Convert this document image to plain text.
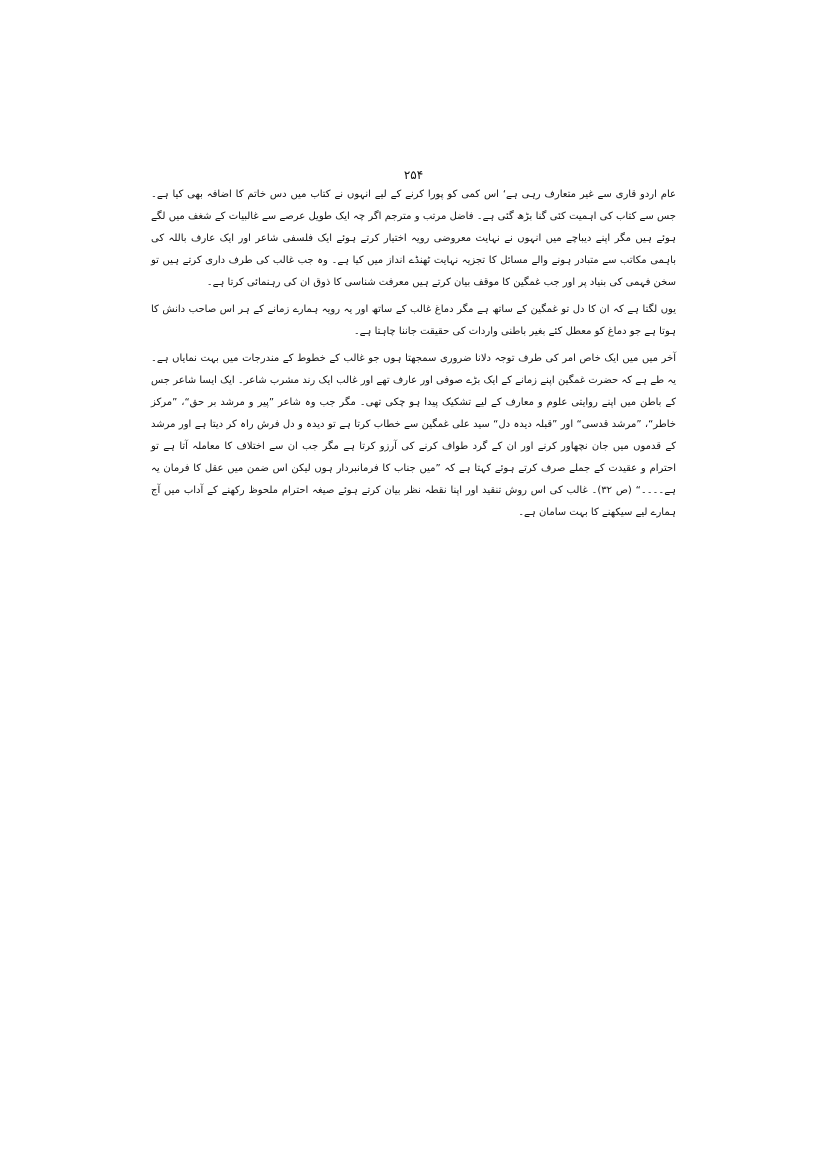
۲۵۴

عام اردو قاری سے غیر متعارف رہی ہے‘ اس کمی کو پورا کرنے کے لیے انہوں نے کتاب میں دس خاتم کا اضافہ بھی کیا ہے۔ جس سے کتاب کی اہمیت کئی گنا بڑھ گئی ہے۔ فاضل مرتب و مترجم اگر چہ ایک طویل عرصے سے غالبیات کے شغف میں لگے ہوئے ہیں مگر اپنے دیباچے میں انہوں نے نہایت معروضی رویہ اختیار کرتے ہوئے ایک فلسفی شاعر اور ایک عارف باللہ کی باہمی مکاتب سے متبادر ہونے والے مسائل کا تجزیہ نہایت ٹھنڈے انداز میں کیا ہے۔ وہ جب غالب کی طرف داری کرتے ہیں تو سخن فہمی کی بنیاد پر اور جب غمگین کا موقف بیان کرتے ہیں معرفت شناسی کا ذوق ان کی رہنمائی کرتا ہے۔

یوں لگتا ہے کہ ان کا دل تو غمگین کے ساتھ ہے مگر دماغ غالب کے ساتھ اور یہ رویہ ہمارے زمانے کے ہر اس صاحب دانش کا ہوتا ہے جو دماغ کو معطل کئے بغیر باطنی واردات کی حقیقت جاننا چاہتا ہے۔

آخر میں میں ایک خاص امر کی طرف توجہ دلانا ضروری سمجھتا ہوں جو غالب کے خطوط کے مندرجات میں بہت نمایاں ہے۔ یہ طے ہے کہ حضرت غمگین اپنے زمانے کے ایک بڑے صوفی اور عارف تھے اور غالب ایک رند مشرب شاعر۔ ایک ایسا شاعر جس کے باطن میں اپنے روایتی علوم و معارف کے لیے تشکیک پیدا ہو چکی تھی۔ مگر جب وہ شاعر ”پیر و مرشد بر حق“، ”مرکز خاطر“، ”مرشد قدسی“ اور ”قبلہ دیدہ دل“ سید علی غمگین سے خطاب کرتا ہے تو دیدہ و دل فرش راہ کر دیتا ہے اور مرشد کے قدموں میں جان نچھاور کرنے اور ان کے گرد طواف کرنے کی آرزو کرتا ہے مگر جب ان سے اختلاف کا معاملہ آتا ہے تو احترام و عقیدت کے جملے صرف کرتے ہوئے کہتا ہے کہ ”میں جناب کا فرمانبردار ہوں لیکن اس ضمن میں عقل کا فرمان یہ ہے۔۔۔۔“ (ص ۳۲)۔ غالب کی اس روش تنقید اور اپنا نقطہ نظر بیان کرتے ہوئے صیغہ احترام ملحوظ رکھنے کے آداب میں آج ہمارے لیے سیکھنے کا بہت سامان ہے۔
